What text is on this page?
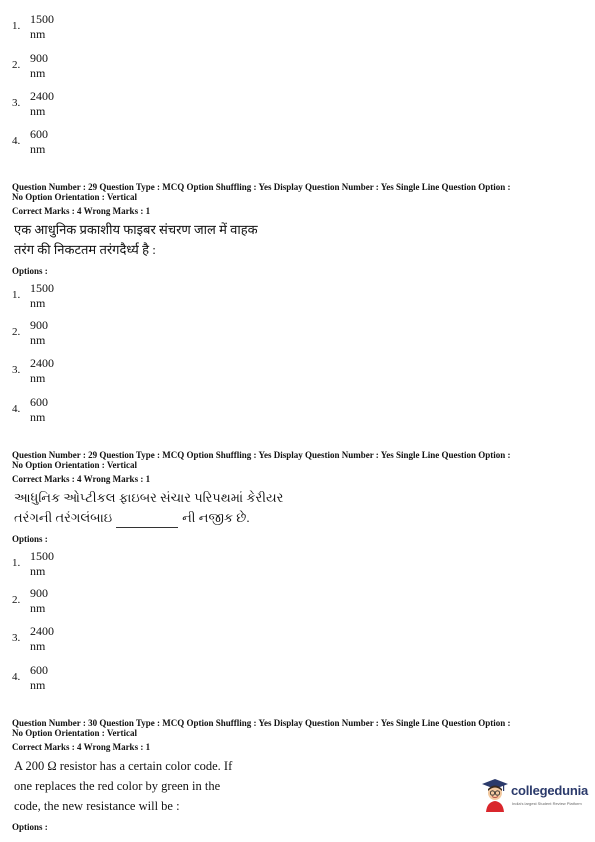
1. 1500 nm
2. 900 nm
3. 2400 nm
4. 600 nm
Question Number : 29 Question Type : MCQ Option Shuffling : Yes Display Question Number : Yes Single Line Question Option :
No Option Orientation : Vertical
Correct Marks : 4 Wrong Marks : 1
एक आधुनिक प्रकाशीय फाइबर संचरण जाल में वाहक
तरंग की निकटतम तरंगदैर्ध्य है :
Options :
1. 1500 nm
2. 900 nm
3. 2400 nm
4. 600 nm
Question Number : 29 Question Type : MCQ Option Shuffling : Yes Display Question Number : Yes Single Line Question Option :
No Option Orientation : Vertical
Correct Marks : 4 Wrong Marks : 1
આધુનિક ઓપ્ટીકલ ફાઇબર સંચાર પરિપથમાં કેરીયર
તરંગની તરંગલંબાઇ	ની નજીક છે.
Options :
1. 1500 nm
2. 900 nm
3. 2400 nm
4. 600 nm
Question Number : 30 Question Type : MCQ Option Shuffling : Yes Display Question Number : Yes Single Line Question Option :
No Option Orientation : Vertical
Correct Marks : 4 Wrong Marks : 1
A 200 Ω resistor has a certain color code. If
one replaces the red color by green in the
code, the new resistance will be :
Options :
collegedunia
India's largest Student Review Platform
